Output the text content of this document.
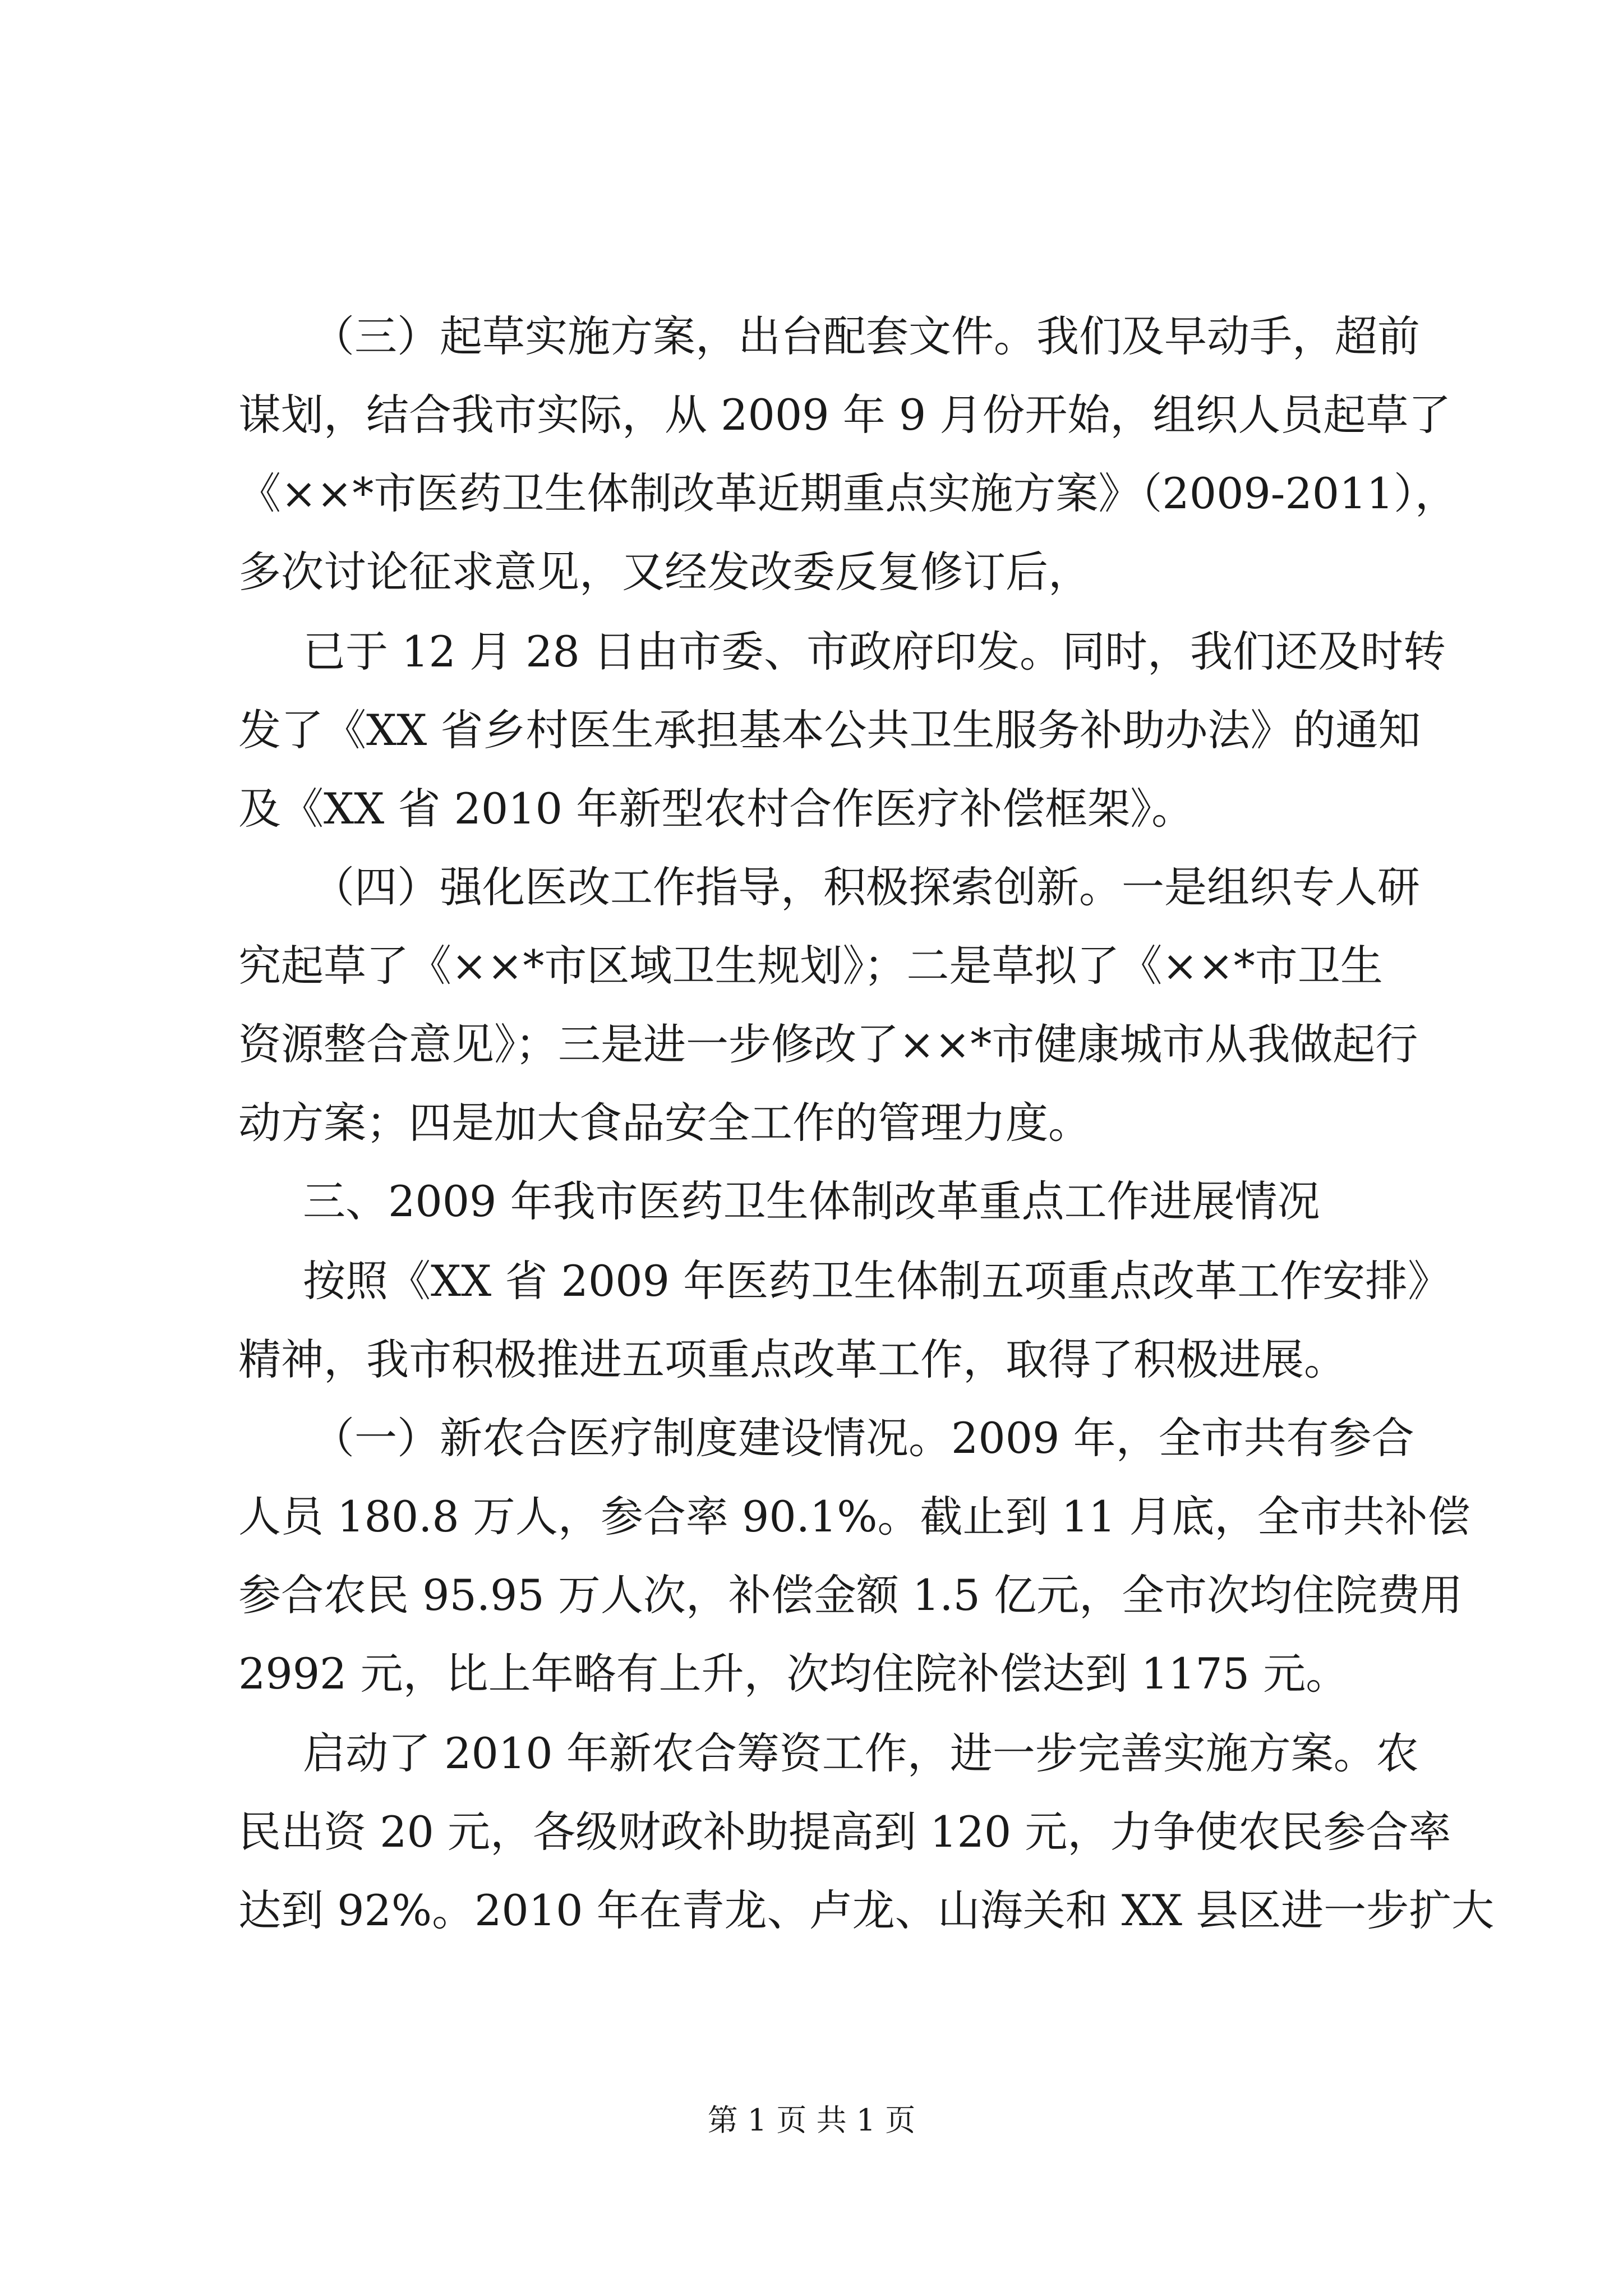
（三）起草实施方案，出台配套文件。我们及早动手，超前
谋划，结合我市实际，从 2009 年 9 月份开始，组织人员起草了
《××*市医药卫生体制改革近期重点实施方案》（2009-2011），
多次讨论征求意见，又经发改委反复修订后，
已于 12 月 28 日由市委、市政府印发。同时，我们还及时转
发了《XX 省乡村医生承担基本公共卫生服务补助办法》的通知
及《XX 省 2010 年新型农村合作医疗补偿框架》。
（四）强化医改工作指导，积极探索创新。一是组织专人研
究起草了《××*市区域卫生规划》；二是草拟了《××*市卫生
资源整合意见》；三是进一步修改了××*市健康城市从我做起行
动方案；四是加大食品安全工作的管理力度。
三、2009 年我市医药卫生体制改革重点工作进展情况
按照《XX 省 2009 年医药卫生体制五项重点改革工作安排》
精神，我市积极推进五项重点改革工作，取得了积极进展。
（一）新农合医疗制度建设情况。2009 年，全市共有参合
人员 180.8 万人，参合率 90.1%。截止到 11 月底，全市共补偿
参合农民 95.95 万人次，补偿金额 1.5 亿元，全市次均住院费用
2992 元，比上年略有上升，次均住院补偿达到 1175 元。
启动了 2010 年新农合筹资工作，进一步完善实施方案。农
民出资 20 元，各级财政补助提高到 120 元，力争使农民参合率
达到 92%。2010 年在青龙、卢龙、山海关和 XX 县区进一步扩大
第 1 页 共 1 页
